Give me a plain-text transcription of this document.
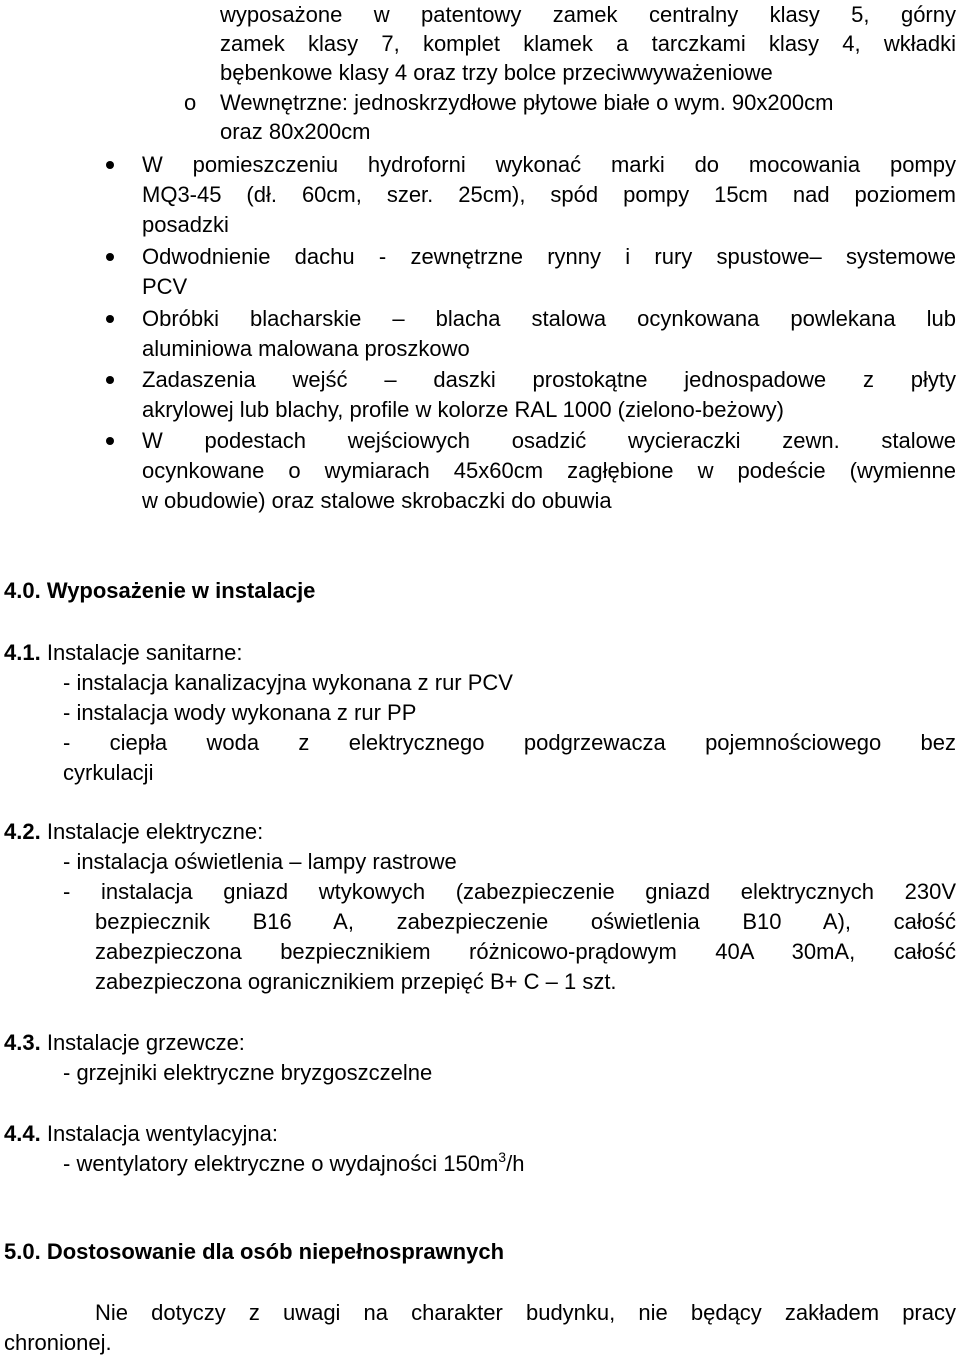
wyposażone w patentowy zamek centralny klasy 5, górny
zamek klasy 7, komplet klamek a tarczkami klasy 4, wkładki
bębenkowe klasy 4 oraz trzy bolce przeciwwyważeniowe
o Wewnętrzne: jednoskrzydłowe płytowe białe o wym. 90x200cm
oraz 80x200cm
W pomieszczeniu hydroforni wykonać marki do mocowania pompy
MQ3-45 (dł. 60cm, szer. 25cm), spód pompy 15cm nad poziomem
posadzki
Odwodnienie dachu - zewnętrzne rynny i rury spustowe– systemowe
PCV
Obróbki blacharskie – blacha stalowa ocynkowana powlekana lub
aluminiowa malowana proszkowo
Zadaszenia wejść – daszki prostokątne jednospadowe z płyty
akrylowej lub blachy, profile w kolorze RAL 1000 (zielono-beżowy)
W podestach wejściowych osadzić wycieraczki zewn. stalowe
ocynkowane o wymiarach 45x60cm zagłębione w podeście (wymienne
w obudowie) oraz stalowe skrobaczki do obuwia
4.0. Wyposażenie w instalacje
4.1. Instalacje sanitarne:
- instalacja kanalizacyjna wykonana z rur PCV
- instalacja wody wykonana z rur PP
- ciepła woda z elektrycznego podgrzewacza pojemnościowego bez
cyrkulacji
4.2. Instalacje elektryczne:
- instalacja oświetlenia – lampy rastrowe
- instalacja gniazd wtykowych (zabezpieczenie gniazd elektrycznych 230V
bezpiecznik B16 A, zabezpieczenie oświetlenia B10 A), całość
zabezpieczona bezpiecznikiem różnicowo-prądowym 40A 30mA, całość
zabezpieczona ogranicznikiem przepięć B+ C – 1 szt.
4.3. Instalacje grzewcze:
- grzejniki elektryczne bryzgoszczelne
4.4. Instalacja wentylacyjna:
- wentylatory elektryczne o wydajności $150m^3/h$
5.0. Dostosowanie dla osób niepełnosprawnych
Nie dotyczy z uwagi na charakter budynku, nie będący zakładem pracy
chronionej.
